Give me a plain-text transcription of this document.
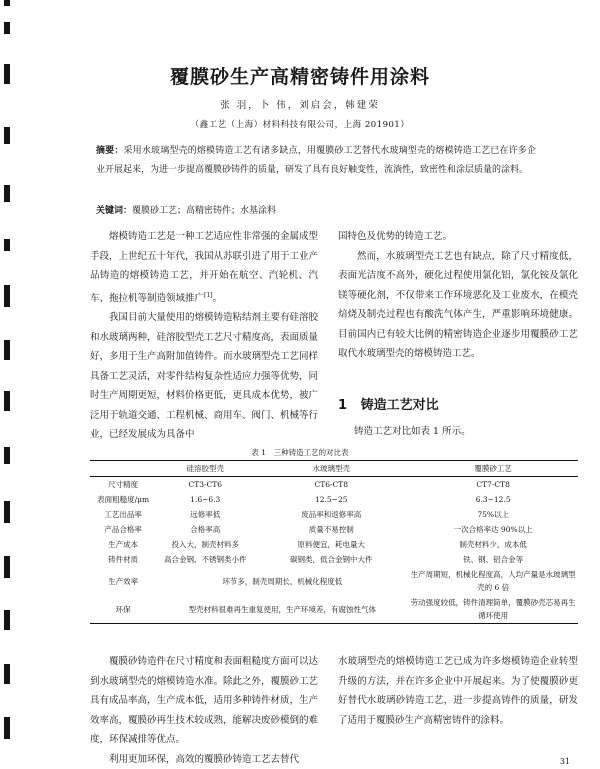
覆膜砂生产高精密铸件用涂料
张 羽，卜 伟，刘启会，韩建荣
（鑫工艺（上海）材料科技有限公司，上海 201901）
摘要：采用水玻璃型壳的熔模铸造工艺有诸多缺点，用覆膜砂工艺替代水玻璃型壳的熔模铸造工艺已在许多企业开展起来，为进一步提高覆膜砂铸件的质量，研发了具有良好触变性，流淌性，致密性和涂层质量的涂料。
关键词：覆膜砂工艺；高精密铸件；水基涂料

熔模铸造工艺是一种工艺适应性非常强的金属成型手段，上世纪五十年代，我国从苏联引进了用于工业产品铸造的熔模铸造工艺，并开始在航空、汽轮机、汽车、拖拉机等制造领域推广[1]。

我国目前大量使用的熔模铸造粘结剂主要有硅溶胶和水玻璃两种，硅溶胶型壳工艺尺寸精度高，表面质量好，多用于生产高附加值铸件。而水玻璃型壳工艺同样具备工艺灵活，对零件结构复杂性适应力强等优势，同时生产周期更短，材料价格更低，更具成本优势，被广泛用于轨道交通、工程机械、商用车、阀门、机械等行业，已经发展成为具备中

国特色及优势的铸造工艺。

然而，水玻璃型壳工艺也有缺点，除了尺寸精度低，表面光洁度不高外，硬化过程使用氯化铝，氯化铵及氯化镁等硬化剂，不仅带来工作环境恶化及工业废水，在模壳焙烧及制壳过程也有酸洗气体产生，严重影响环境健康。目前国内已有较大比例的精密铸造企业逐步用覆膜砂工艺取代水玻璃型壳的熔模铸造工艺。

1 铸造工艺对比
铸造工艺对比如表 1 所示。
表 1　三种铸造工艺的对比表
	硅溶胶型壳	水玻璃型壳	覆膜砂工艺
尺寸精度	CT3-CT6	CT6-CT8	CT7-CT8
表面粗糙度/μm	1.6~6.3	12.5~25	6.3~12.5
工艺出品率	远修率低	废品率和返修率高	75%以上
产品合格率	合格率高	质量不易控制	一次合格率达 90%以上
生产成本	投入大，制壳材料多	原料便宜，耗电量大	制壳材料少，成本低
铸件材质	高合金钢、不锈钢类小件	碳钢类，低合金钢中大件	铁、钢、铝合金等
生产效率	环节多，制壳周期长，机械化程度低		生产周期短，机械化程度高，人均产量是水玻璃型壳的 6 倍
环保	型壳材料很难再生重复使用，生产环境差，有腐蚀性气体		劳动强度较低，铸件清理简单，覆膜砂壳芯易再生循环使用

覆膜砂铸造件在尺寸精度和表面粗糙度方面可以达到水玻璃型壳的熔模铸造水准。除此之外，覆膜砂工艺具有成品率高，生产成本低，适用多种铸件材质，生产效率高，覆膜砂再生技术较成熟，能解决废砂模倒的难度，环保减排等优点。

利用更加环保，高效的覆膜砂铸造工艺去替代

水玻璃型壳的熔模铸造工艺已成为许多熔模铸造企业转型升级的方法，并在许多企业中开展起来。为了使覆膜砂更好替代水玻璃砂铸造工艺，进一步提高铸件的质量，研发了适用于覆膜砂生产高精密铸件的涂料。

31
